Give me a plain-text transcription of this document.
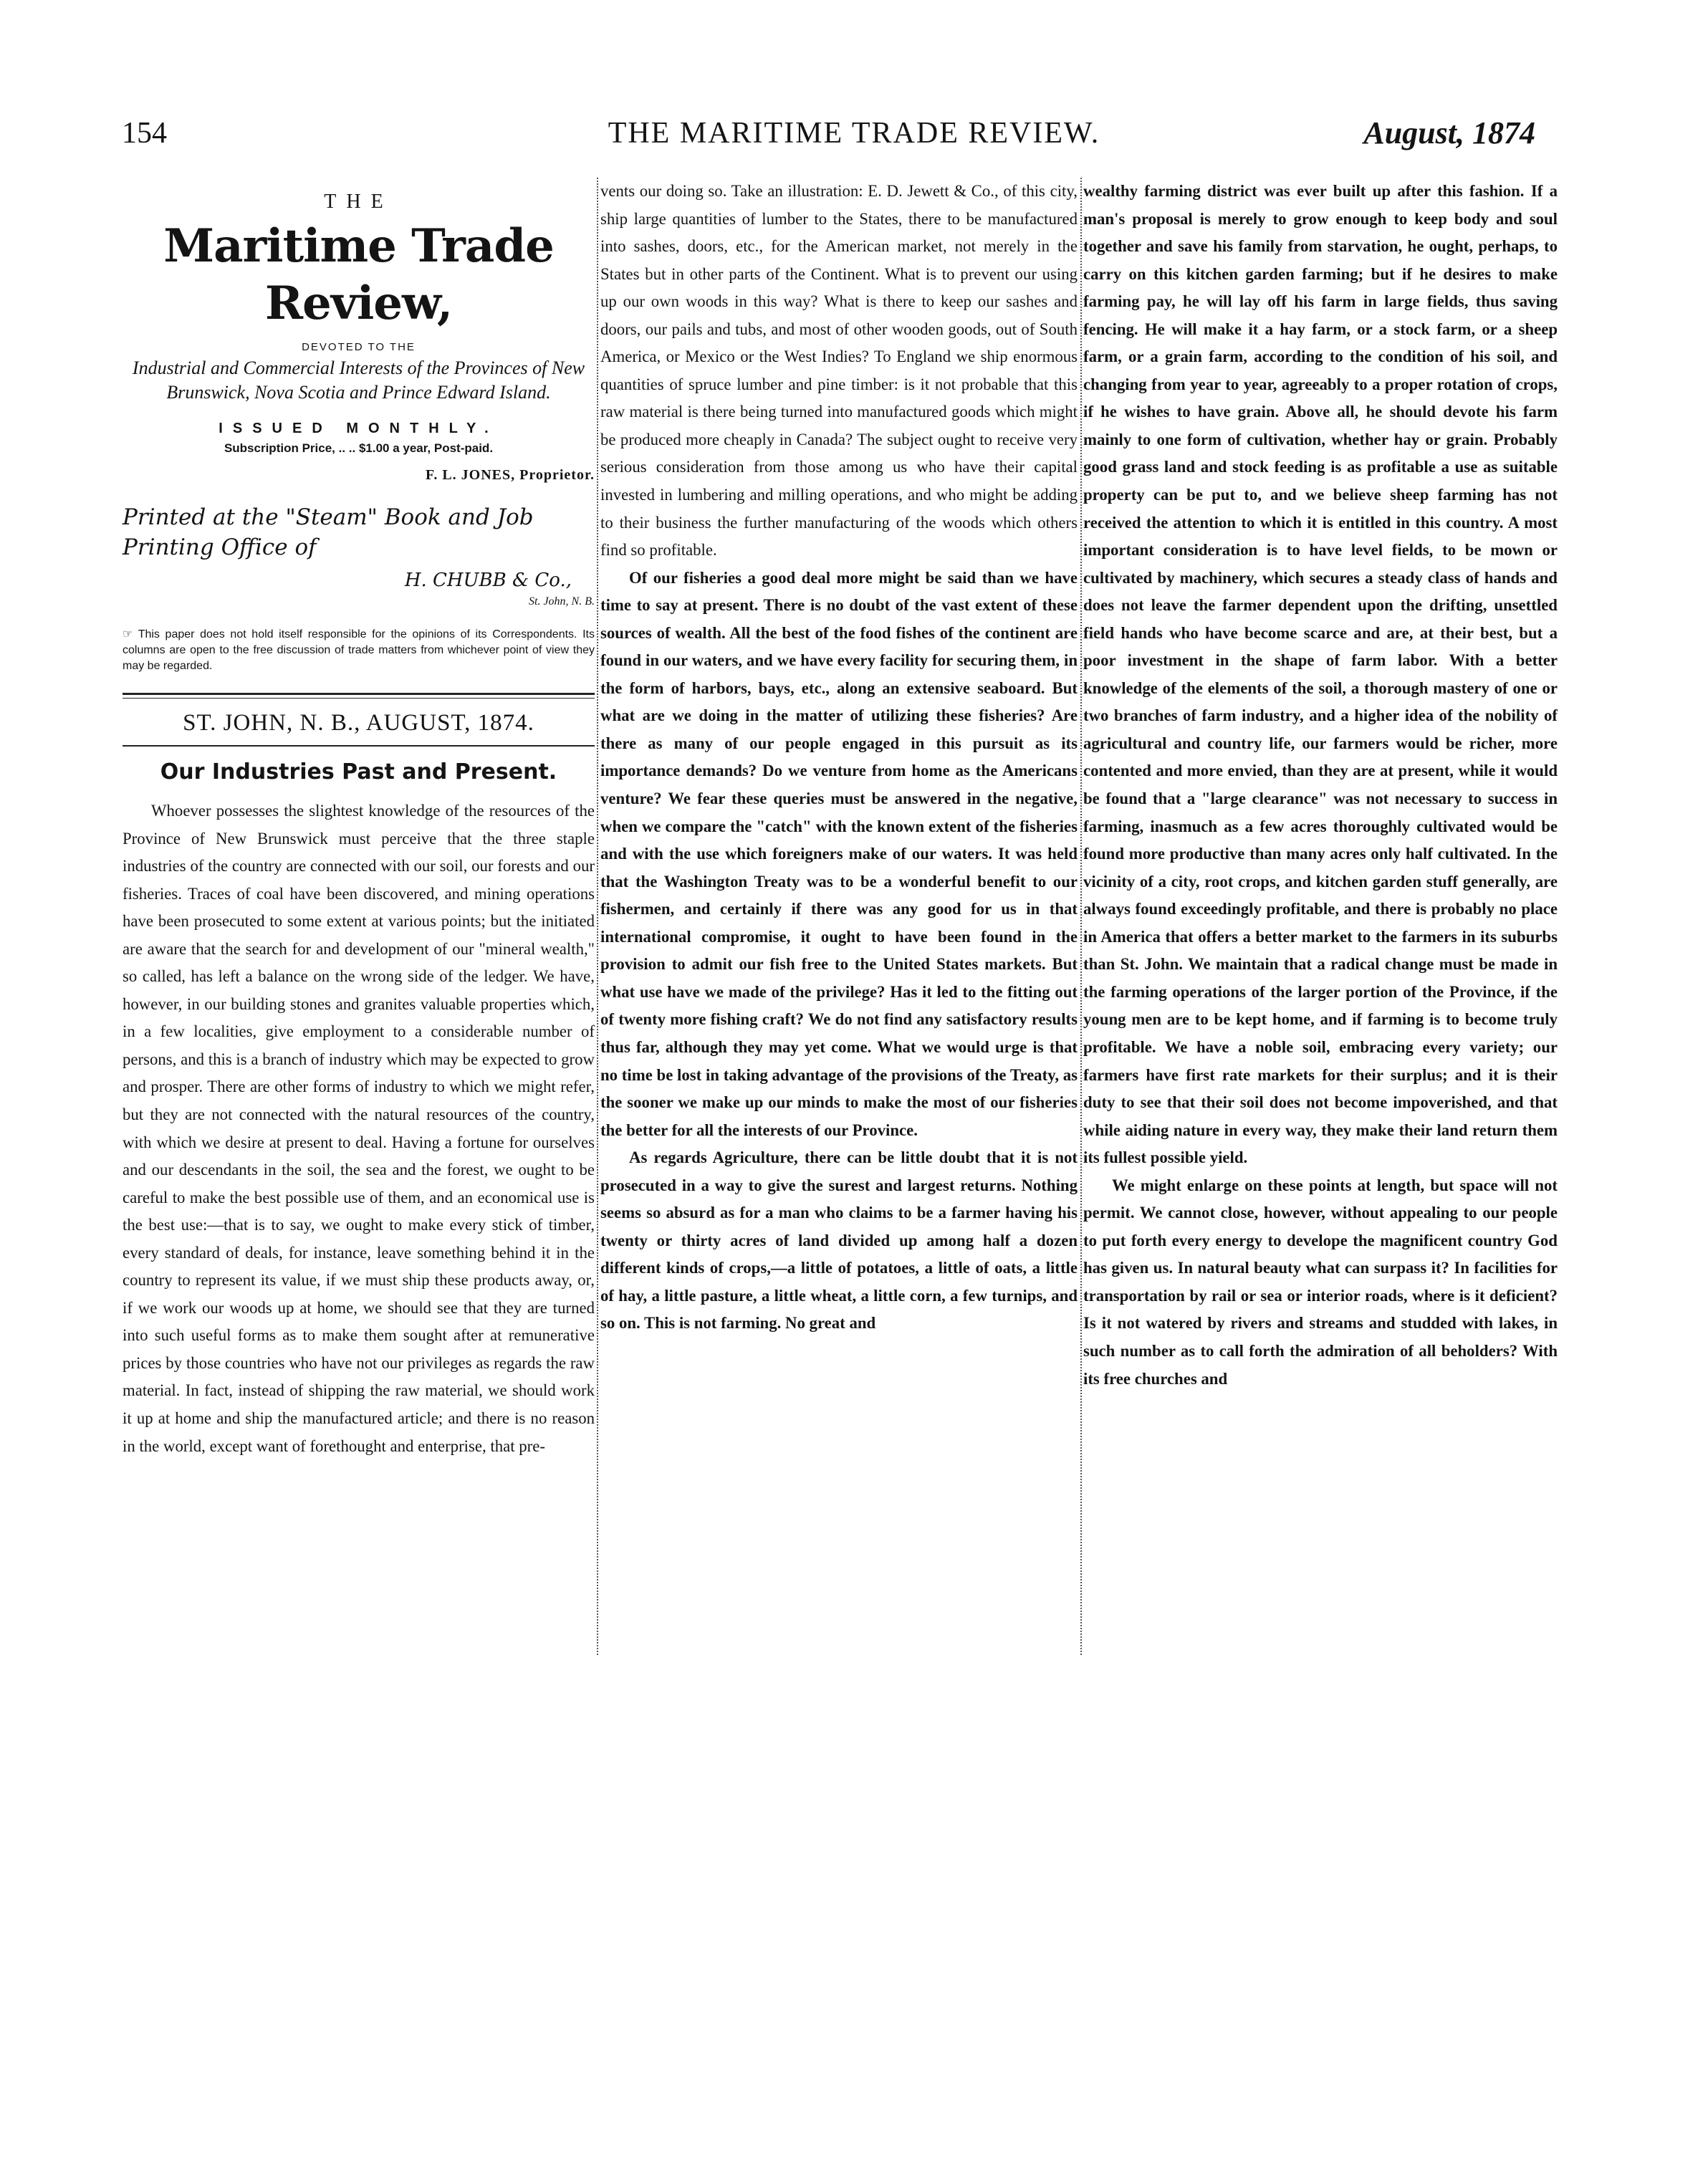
154	THE MARITIME TRADE REVIEW.	August, 1874
THE
Maritime Trade Review,
DEVOTED TO THE
Industrial and Commercial Interests of the Provinces of New Brunswick, Nova Scotia and Prince Edward Island.
ISSUED MONTHLY.
Subscription Price, .. .. $1.00 a year, Post-paid.
F. L. JONES, Proprietor.
Printed at the "Steam" Book and Job Printing Office of
H. CHUBB & Co.,
St. John, N. B.
☞ This paper does not hold itself responsible for the opinions of its Correspondents. Its columns are open to the free discussion of trade matters from whichever point of view they may be regarded.
ST. JOHN, N. B., AUGUST, 1874.
Our Industries Past and Present.

Whoever possesses the slightest knowledge of the resources of the Province of New Brunswick must perceive that the three staple industries of the country are connected with our soil, our forests and our fisheries. Traces of coal have been discovered, and mining operations have been prosecuted to some extent at various points; but the initiated are aware that the search for and development of our "mineral wealth," so called, has left a balance on the wrong side of the ledger. We have, however, in our building stones and granites valuable properties which, in a few localities, give employment to a considerable number of persons, and this is a branch of industry which may be expected to grow and prosper. There are other forms of industry to which we might refer, but they are not connected with the natural resources of the country, with which we desire at present to deal. Having a fortune for ourselves and our descendants in the soil, the sea and the forest, we ought to be careful to make the best possible use of them, and an economical use is the best use:—that is to say, we ought to make every stick of timber, every standard of deals, for instance, leave something behind it in the country to represent its value, if we must ship these products away, or, if we work our woods up at home, we should see that they are turned into such useful forms as to make them sought after at remunerative prices by those countries who have not our privileges as regards the raw material. In fact, instead of shipping the raw material, we should work it up at home and ship the manufactured article; and there is no reason in the world, except want of forethought and enterprise, that pre-

vents our doing so. Take an illustration: E. D. Jewett & Co., of this city, ship large quantities of lumber to the States, there to be manufactured into sashes, doors, etc., for the American market, not merely in the States but in other parts of the Continent. What is to prevent our using up our own woods in this way? What is there to keep our sashes and doors, our pails and tubs, and most of other wooden goods, out of South America, or Mexico or the West Indies? To England we ship enormous quantities of spruce lumber and pine timber: is it not probable that this raw material is there being turned into manufactured goods which might be produced more cheaply in Canada? The subject ought to receive very serious consideration from those among us who have their capital invested in lumbering and milling operations, and who might be adding to their business the further manufacturing of the woods which others find so profitable.

Of our fisheries a good deal more might be said than we have time to say at present. There is no doubt of the vast extent of these sources of wealth. All the best of the food fishes of the continent are found in our waters, and we have every facility for securing them, in the form of harbors, bays, etc., along an extensive seaboard. But what are we doing in the matter of utilizing these fisheries? Are there as many of our people engaged in this pursuit as its importance demands? Do we venture from home as the Americans venture? We fear these queries must be answered in the negative, when we compare the "catch" with the known extent of the fisheries and with the use which foreigners make of our waters. It was held that the Washington Treaty was to be a wonderful benefit to our fishermen, and certainly if there was any good for us in that international compromise, it ought to have been found in the provision to admit our fish free to the United States markets. But what use have we made of the privilege? Has it led to the fitting out of twenty more fishing craft? We do not find any satisfactory results thus far, although they may yet come. What we would urge is that no time be lost in taking advantage of the provisions of the Treaty, as the sooner we make up our minds to make the most of our fisheries the better for all the interests of our Province.

As regards Agriculture, there can be little doubt that it is not prosecuted in a way to give the surest and largest returns. Nothing seems so absurd as for a man who claims to be a farmer having his twenty or thirty acres of land divided up among half a dozen different kinds of crops,—a little of potatoes, a little of oats, a little of hay, a little pasture, a little wheat, a little corn, a few turnips, and so on. This is not farming. No great and

wealthy farming district was ever built up after this fashion. If a man's proposal is merely to grow enough to keep body and soul together and save his family from starvation, he ought, perhaps, to carry on this kitchen garden farming; but if he desires to make farming pay, he will lay off his farm in large fields, thus saving fencing. He will make it a hay farm, or a stock farm, or a sheep farm, or a grain farm, according to the condition of his soil, and changing from year to year, agreeably to a proper rotation of crops, if he wishes to have grain. Above all, he should devote his farm mainly to one form of cultivation, whether hay or grain. Probably good grass land and stock feeding is as profitable a use as suitable property can be put to, and we believe sheep farming has not received the attention to which it is entitled in this country. A most important consideration is to have level fields, to be mown or cultivated by machinery, which secures a steady class of hands and does not leave the farmer dependent upon the drifting, unsettled field hands who have become scarce and are, at their best, but a poor investment in the shape of farm labor. With a better knowledge of the elements of the soil, a thorough mastery of one or two branches of farm industry, and a higher idea of the nobility of agricultural and country life, our farmers would be richer, more contented and more envied, than they are at present, while it would be found that a "large clearance" was not necessary to success in farming, inasmuch as a few acres thoroughly cultivated would be found more productive than many acres only half cultivated. In the vicinity of a city, root crops, and kitchen garden stuff generally, are always found exceedingly profitable, and there is probably no place in America that offers a better market to the farmers in its suburbs than St. John. We maintain that a radical change must be made in the farming operations of the larger portion of the Province, if the young men are to be kept home, and if farming is to become truly profitable. We have a noble soil, embracing every variety; our farmers have first rate markets for their surplus; and it is their duty to see that their soil does not become impoverished, and that while aiding nature in every way, they make their land return them its fullest possible yield.

We might enlarge on these points at length, but space will not permit. We cannot close, however, without appealing to our people to put forth every energy to develope the magnificent country God has given us. In natural beauty what can surpass it? In facilities for transportation by rail or sea or interior roads, where is it deficient? Is it not watered by rivers and streams and studded with lakes, in such number as to call forth the admiration of all beholders? With its free churches and
